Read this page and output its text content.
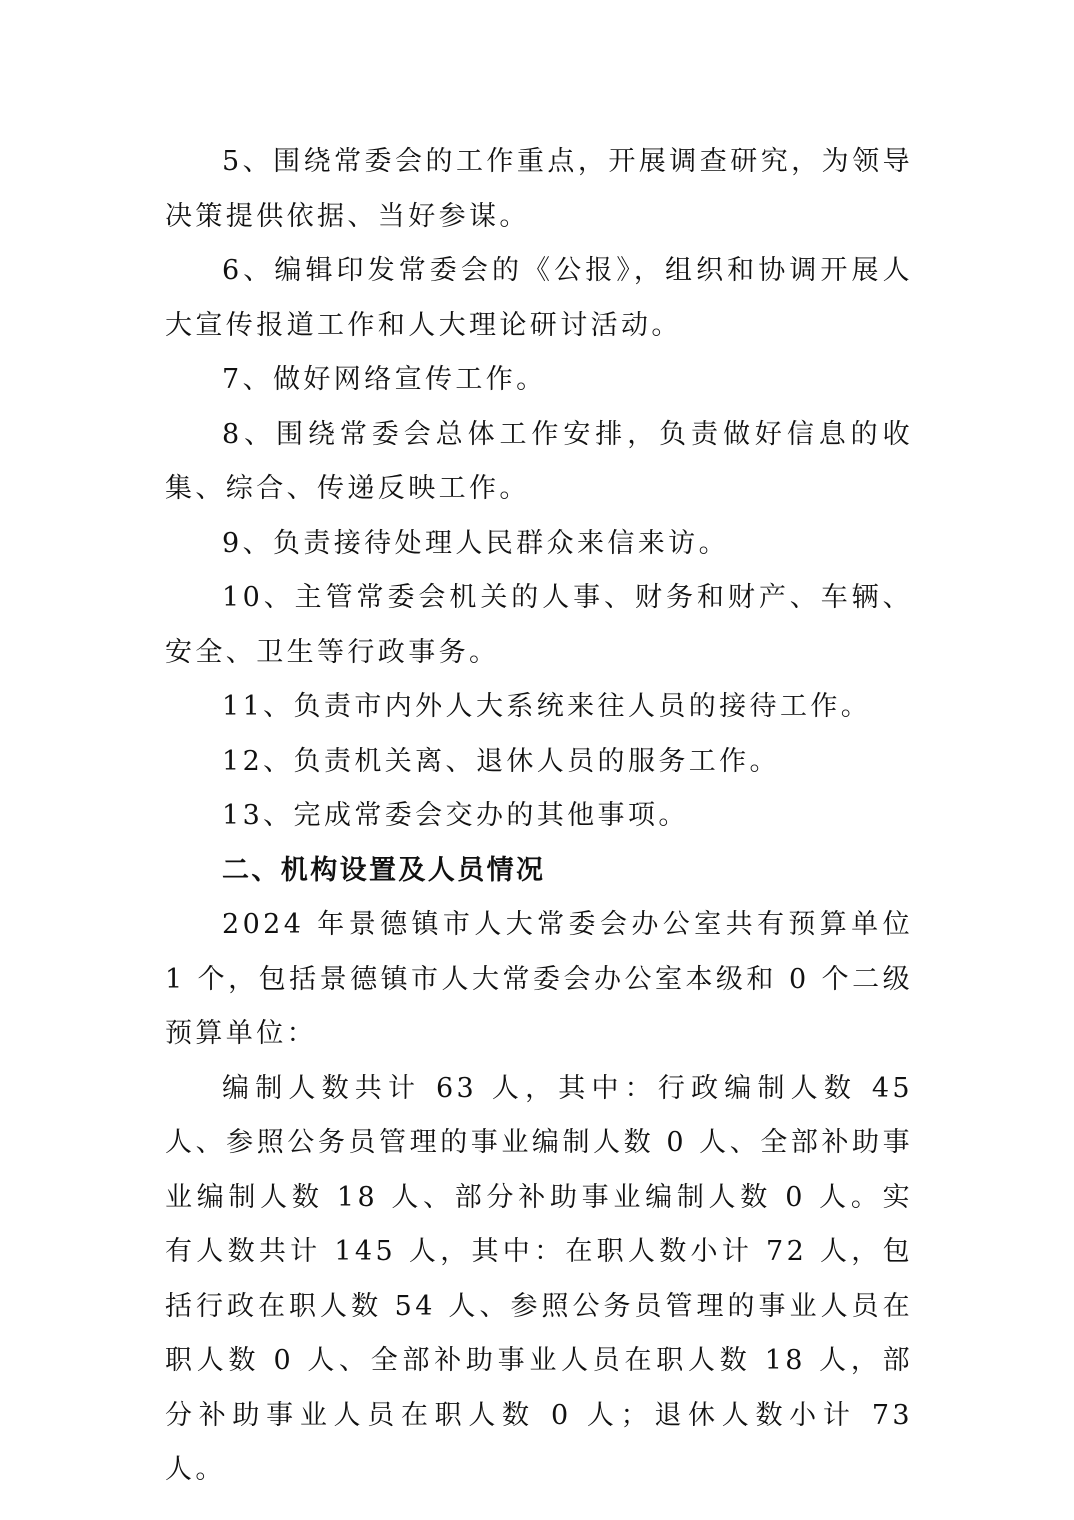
5、围绕常委会的工作重点，开展调查研究，为领导决策提供依据、当好参谋。

6、编辑印发常委会的《公报》，组织和协调开展人大宣传报道工作和人大理论研讨活动。

7、做好网络宣传工作。

8、围绕常委会总体工作安排，负责做好信息的收集、综合、传递反映工作。

9、负责接待处理人民群众来信来访。

10、主管常委会机关的人事、财务和财产、车辆、安全、卫生等行政事务。

11、负责市内外人大系统来往人员的接待工作。

12、负责机关离、退休人员的服务工作。

13、完成常委会交办的其他事项。

二、机构设置及人员情况

2024 年景德镇市人大常委会办公室共有预算单位 1 个，包括景德镇市人大常委会办公室本级和 0 个二级预算单位：

编制人数共计 63 人，其中：行政编制人数 45 人、参照公务员管理的事业编制人数 0 人、全部补助事业编制人数 18 人、部分补助事业编制人数 0 人。实有人数共计 145 人，其中：在职人数小计 72 人，包括行政在职人数 54 人、参照公务员管理的事业人员在职人数 0 人、全部补助事业人员在职人数 18 人，部分补助事业人员在职人数 0 人；退休人数小计 73 人。
